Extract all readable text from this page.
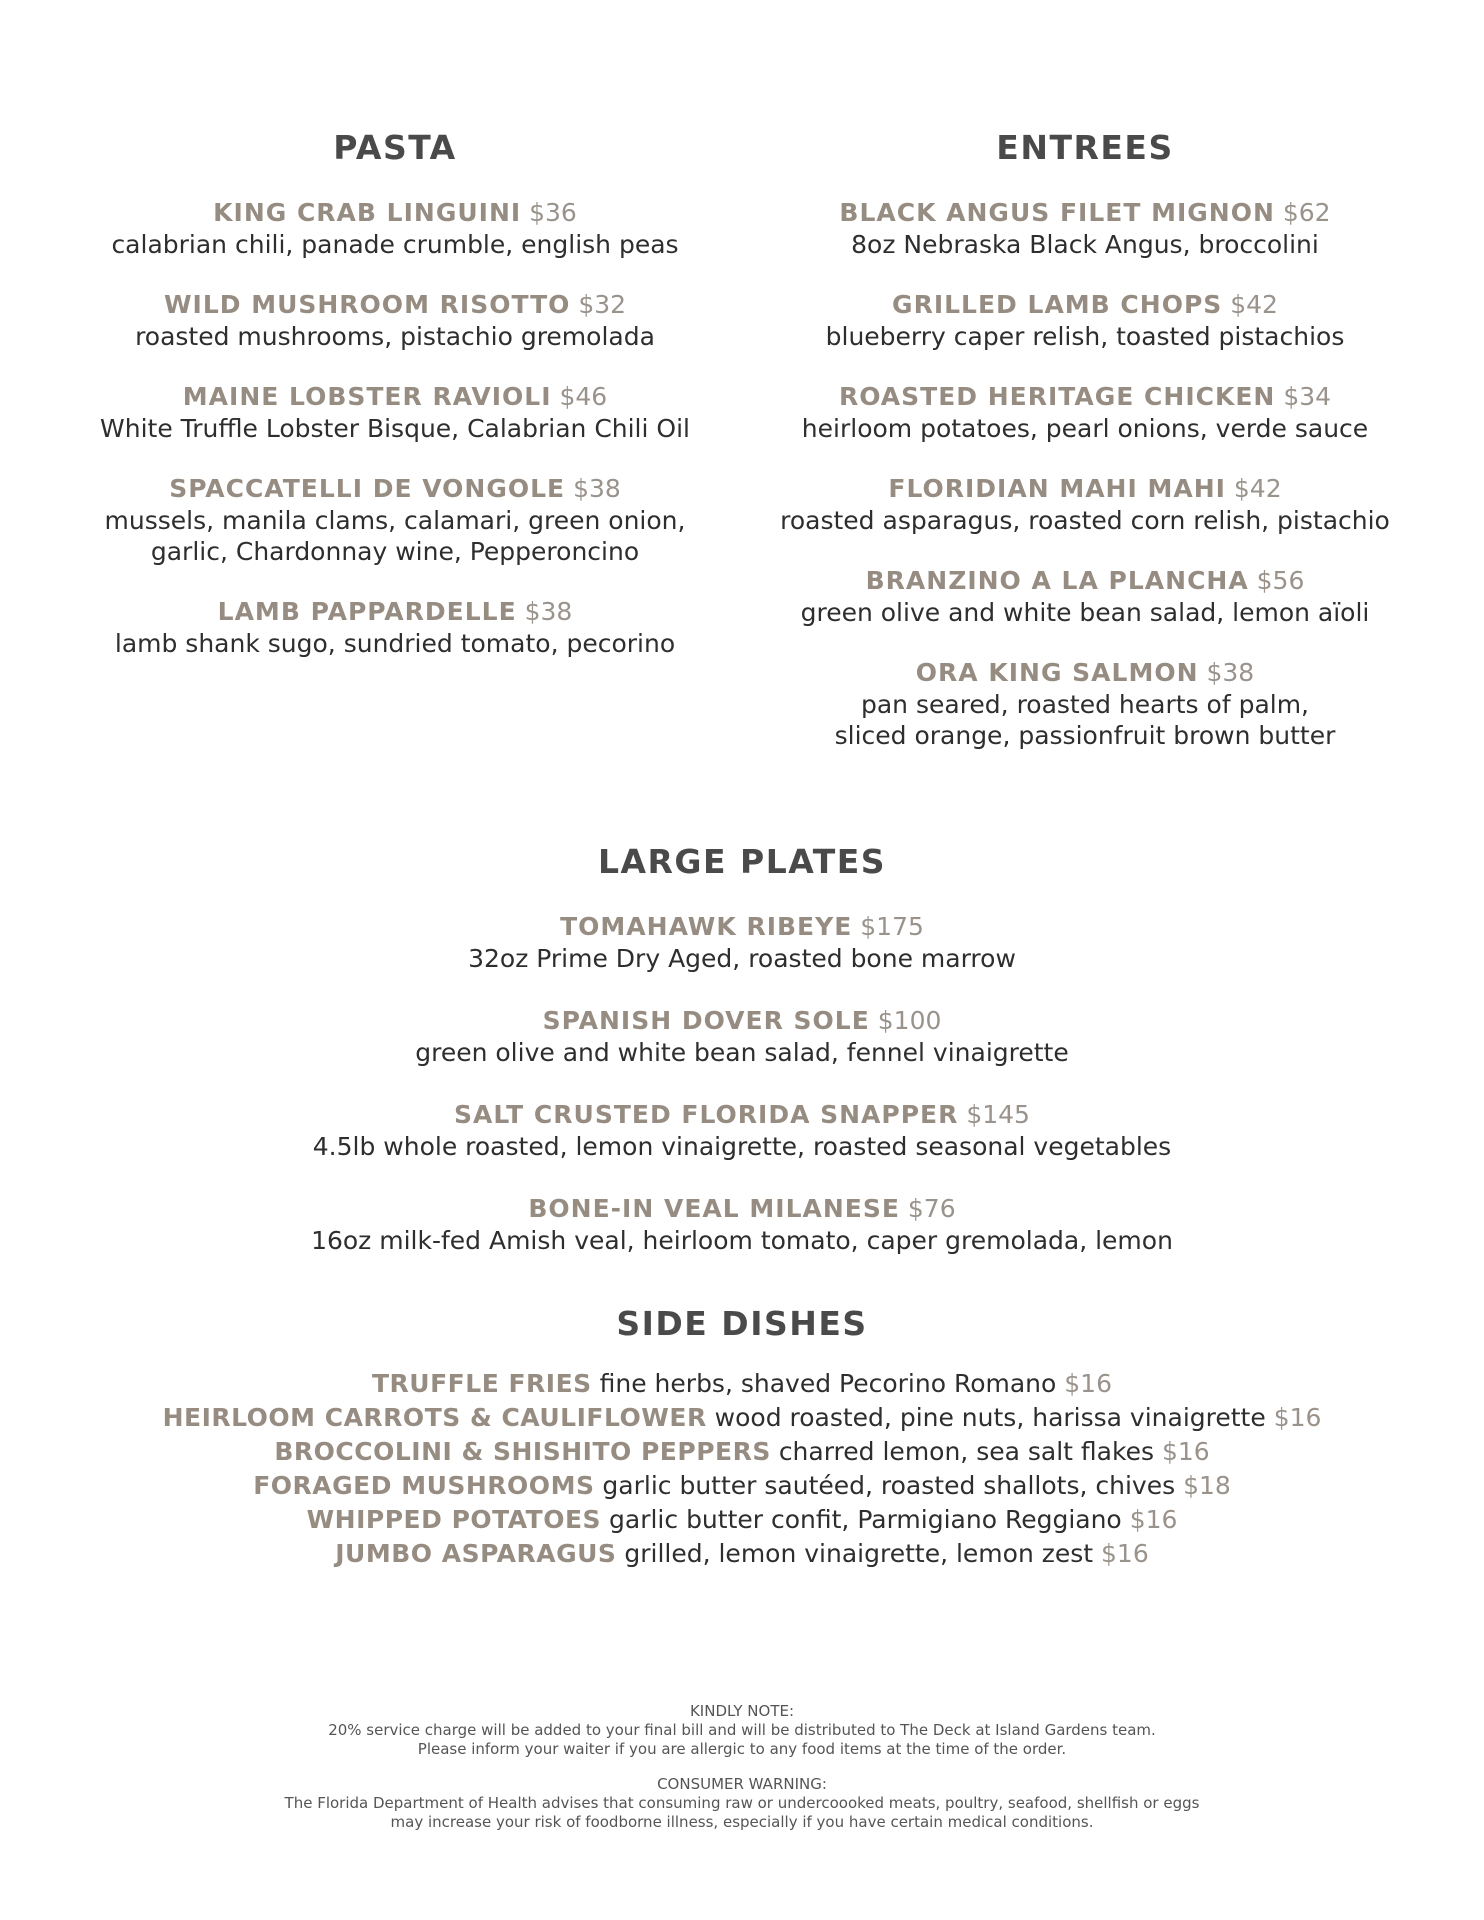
PASTA
KING CRAB LINGUINI $36
calabrian chili, panade crumble, english peas
WILD MUSHROOM RISOTTO $32
roasted mushrooms, pistachio gremolada
MAINE LOBSTER RAVIOLI $46
White Truffle Lobster Bisque, Calabrian Chili Oil
SPACCATELLI DE VONGOLE $38
mussels, manila clams, calamari, green onion,
garlic, Chardonnay wine, Pepperoncino
LAMB PAPPARDELLE $38
lamb shank sugo, sundried tomato, pecorino
ENTREES
BLACK ANGUS FILET MIGNON $62
8oz Nebraska Black Angus, broccolini
GRILLED LAMB CHOPS $42
blueberry caper relish, toasted pistachios
ROASTED HERITAGE CHICKEN $34
heirloom potatoes, pearl onions, verde sauce
FLORIDIAN MAHI MAHI $42
roasted asparagus, roasted corn relish, pistachio
BRANZINO A LA PLANCHA $56
green olive and white bean salad, lemon aïoli
ORA KING SALMON $38
pan seared, roasted hearts of palm,
sliced orange, passionfruit brown butter
LARGE PLATES
TOMAHAWK RIBEYE $175
32oz Prime Dry Aged, roasted bone marrow
SPANISH DOVER SOLE $100
green olive and white bean salad, fennel vinaigrette
SALT CRUSTED FLORIDA SNAPPER $145
4.5lb whole roasted, lemon vinaigrette, roasted seasonal vegetables
BONE-IN VEAL MILANESE $76
16oz milk-fed Amish veal, heirloom tomato, caper gremolada, lemon
SIDE DISHES
TRUFFLE FRIES fine herbs, shaved Pecorino Romano $16
HEIRLOOM CARROTS & CAULIFLOWER wood roasted, pine nuts, harissa vinaigrette $16
BROCCOLINI & SHISHITO PEPPERS charred lemon, sea salt flakes $16
FORAGED MUSHROOMS garlic butter sautéed, roasted shallots, chives $18
WHIPPED POTATOES garlic butter confit, Parmigiano Reggiano $16
JUMBO ASPARAGUS grilled, lemon vinaigrette, lemon zest $16
KINDLY NOTE:
20% service charge will be added to your final bill and will be distributed to The Deck at Island Gardens team.
Please inform your waiter if you are allergic to any food items at the time of the order.
CONSUMER WARNING:
The Florida Department of Health advises that consuming raw or undercoooked meats, poultry, seafood, shellfish or eggs
may increase your risk of foodborne illness, especially if you have certain medical conditions.
